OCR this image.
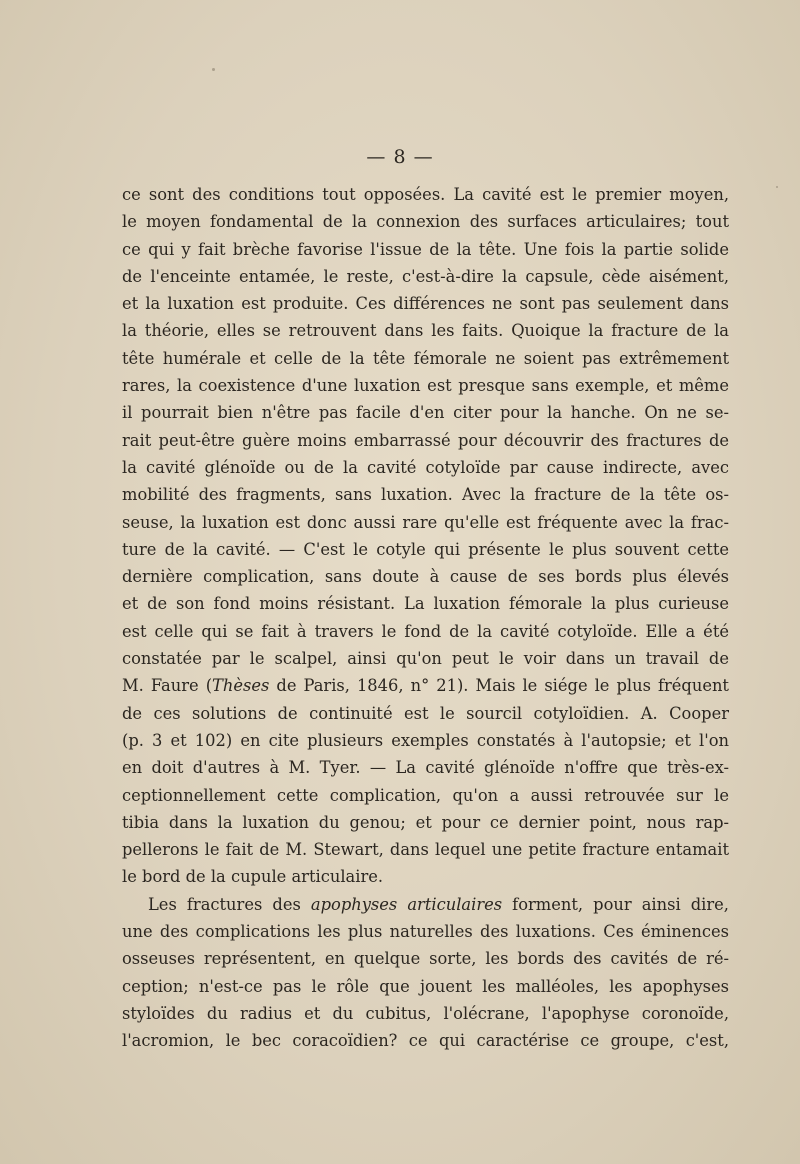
— 8 —
ce sont des conditions tout opposées. La cavité est le premier moyen,
le moyen fondamental de la connexion des surfaces articulaires; tout
ce qui y fait brèche favorise l'issue de la tête. Une fois la partie solide
de l'enceinte entamée, le reste, c'est-à-dire la capsule, cède aisément,
et la luxation est produite. Ces différences ne sont pas seulement dans
la théorie, elles se retrouvent dans les faits. Quoique la fracture de la
tête humérale et celle de la tête fémorale ne soient pas extrêmement
rares, la coexistence d'une luxation est presque sans exemple, et même
il pourrait bien n'être pas facile d'en citer pour la hanche. On ne se-
rait peut-être guère moins embarrassé pour découvrir des fractures de
la cavité glénoïde ou de la cavité cotyloïde par cause indirecte, avec
mobilité des fragments, sans luxation. Avec la fracture de la tête os-
seuse, la luxation est donc aussi rare qu'elle est fréquente avec la frac-
ture de la cavité. — C'est le cotyle qui présente le plus souvent cette
dernière complication, sans doute à cause de ses bords plus élevés
et de son fond moins résistant. La luxation fémorale la plus curieuse
est celle qui se fait à travers le fond de la cavité cotyloïde. Elle a été
constatée par le scalpel, ainsi qu'on peut le voir dans un travail de
M. Faure (Thèses de Paris, 1846, n° 21). Mais le siége le plus fréquent
de ces solutions de continuité est le sourcil cotyloïdien. A. Cooper
(p. 3 et 102) en cite plusieurs exemples constatés à l'autopsie; et l'on
en doit d'autres à M. Tyer. — La cavité glénoïde n'offre que très-ex-
ceptionnellement cette complication, qu'on a aussi retrouvée sur le
tibia dans la luxation du genou; et pour ce dernier point, nous rap-
pellerons le fait de M. Stewart, dans lequel une petite fracture entamait
le bord de la cupule articulaire.
Les fractures des apophyses articulaires forment, pour ainsi dire,
une des complications les plus naturelles des luxations. Ces éminences
osseuses représentent, en quelque sorte, les bords des cavités de ré-
ception; n'est-ce pas le rôle que jouent les malléoles, les apophyses
styloïdes du radius et du cubitus, l'olécrane, l'apophyse coronoïde,
l'acromion, le bec coracoïdien? ce qui caractérise ce groupe, c'est,
